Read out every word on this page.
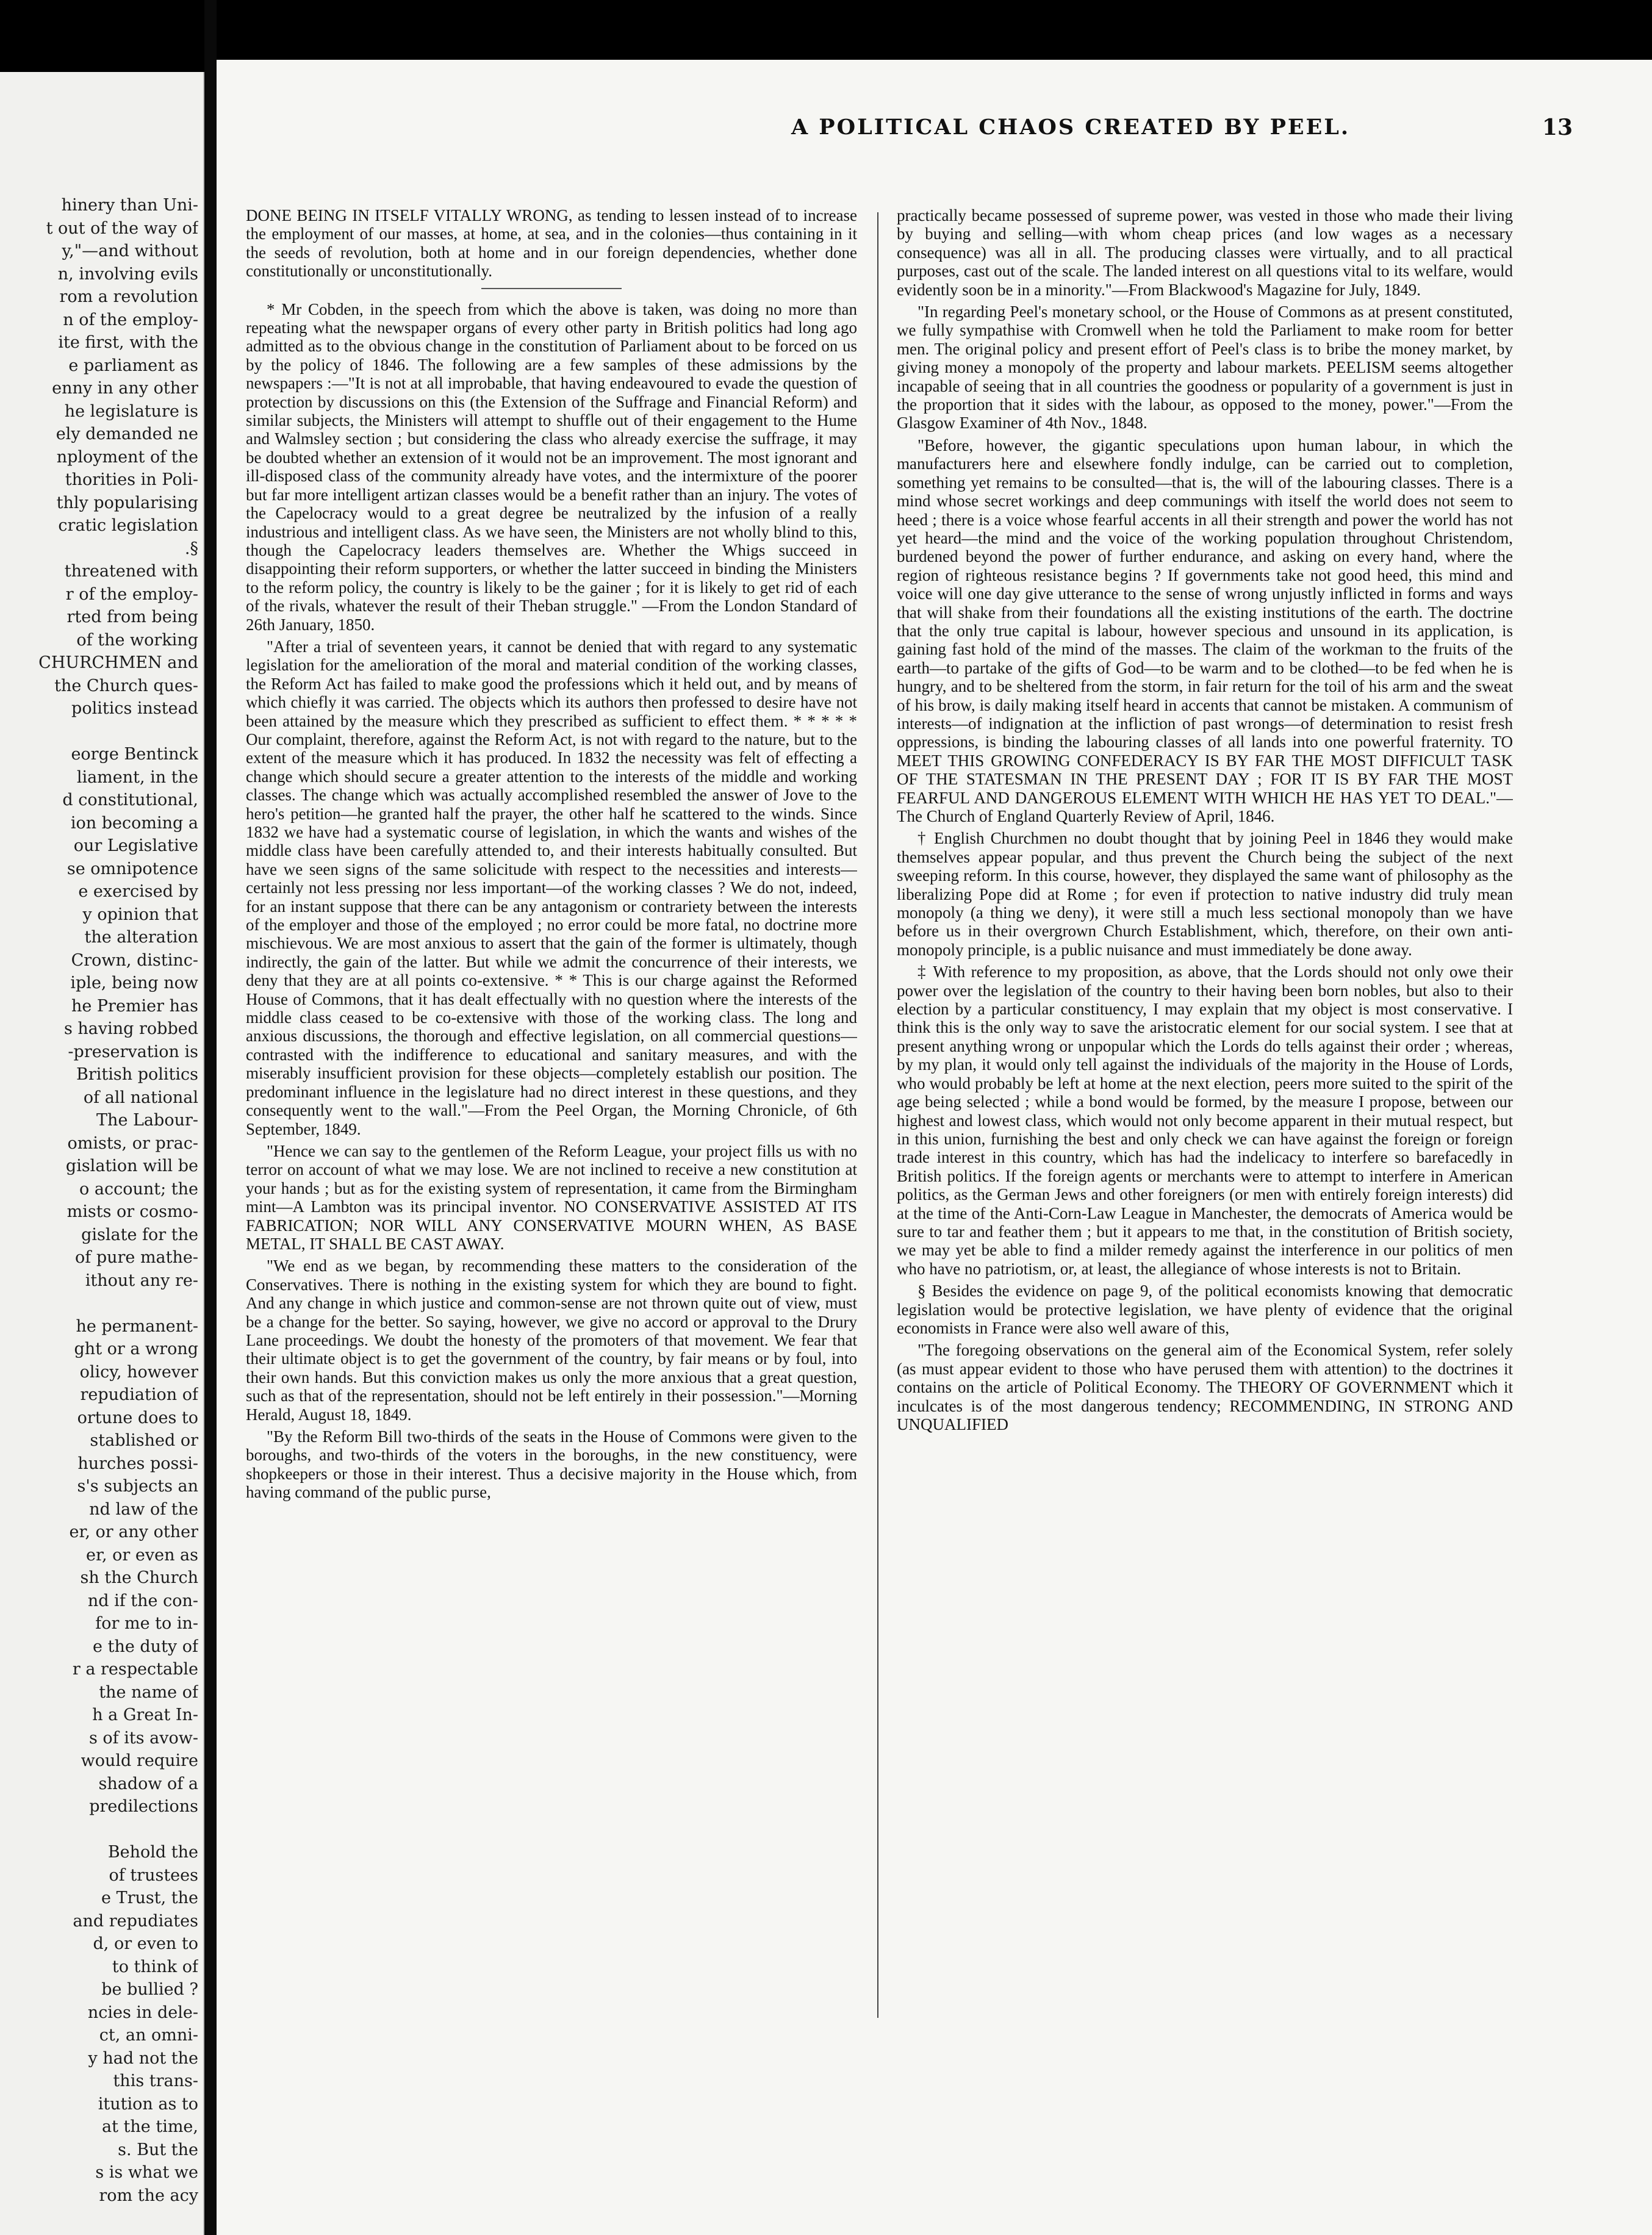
hinery than Uni-
t out of the way of
y,"—and without
n, involving evils
rom a revolution
n of the employ-
ite first, with the
e parliament as
enny in any other
he legislature is
ely demanded ne
nployment of the
thorities in Poli-
thly popularising
cratic legislation
.§
threatened with
r of the employ-
rted from being
of the working
CHURCHMEN and
the Church ques-
politics instead
eorge Bentinck
liament, in the
d constitutional,
ion becoming a
our Legislative
se omnipotence
e exercised by
y opinion that
the alteration
Crown, distinc-
iple, being now
he Premier has
s having robbed
-preservation is
British politics
of all national
The Labour-
omists, or prac-
gislation will be
o account; the
mists or cosmo-
gislate for the
of pure mathe-
ithout any re-
he permanent-
ght or a wrong
olicy, however
repudiation of
ortune does to
stablished or
hurches possi-
s's subjects an
nd law of the
er, or any other
er, or even as
sh the Church
nd if the con-
for me to in-
e the duty of
r a respectable
the name of
h a Great In-
s of its avow-
would require
shadow of a
predilections
Behold the
of trustees
e Trust, the
and repudiates
d, or even to
to think of
be bullied ?
ncies in dele-
ct, an omni-
y had not the
this trans-
itution as to
at the time,
s. But the
s is what we
rom the acy
A POLITICAL CHAOS CREATED BY PEEL.	13

DONE BEING IN ITSELF VITALLY WRONG, as tending to lessen instead of to increase the employment of our masses, at home, at sea, and in the colonies—thus containing in it the seeds of revolution, both at home and in our foreign dependencies, whether done constitutionally or unconstitutionally.

* Mr Cobden, in the speech from which the above is taken, was doing no more than repeating what the newspaper organs of every other party in British politics had long ago admitted as to the obvious change in the constitution of Parliament about to be forced on us by the policy of 1846. The following are a few samples of these admissions by the newspapers :—"It is not at all improbable, that having endeavoured to evade the question of protection by discussions on this (the Extension of the Suffrage and Financial Reform) and similar subjects, the Ministers will attempt to shuffle out of their engagement to the Hume and Walmsley section ; but considering the class who already exercise the suffrage, it may be doubted whether an extension of it would not be an improvement. The most ignorant and ill-disposed class of the community already have votes, and the intermixture of the poorer but far more intelligent artizan classes would be a benefit rather than an injury. The votes of the Capelocracy would to a great degree be neutralized by the infusion of a really industrious and intelligent class. As we have seen, the Ministers are not wholly blind to this, though the Capelocracy leaders themselves are. Whether the Whigs succeed in disappointing their reform supporters, or whether the latter succeed in binding the Ministers to the reform policy, the country is likely to be the gainer ; for it is likely to get rid of each of the rivals, whatever the result of their Theban struggle." —From the London Standard of 26th January, 1850.

"After a trial of seventeen years, it cannot be denied that with regard to any systematic legislation for the amelioration of the moral and material condition of the working classes, the Reform Act has failed to make good the professions which it held out, and by means of which chiefly it was carried. The objects which its authors then professed to desire have not been attained by the measure which they prescribed as sufficient to effect them. * * * * * Our complaint, therefore, against the Reform Act, is not with regard to the nature, but to the extent of the measure which it has produced. In 1832 the necessity was felt of effecting a change which should secure a greater attention to the interests of the middle and working classes. The change which was actually accomplished resembled the answer of Jove to the hero's petition—he granted half the prayer, the other half he scattered to the winds. Since 1832 we have had a systematic course of legislation, in which the wants and wishes of the middle class have been carefully attended to, and their interests habitually consulted. But have we seen signs of the same solicitude with respect to the necessities and interests—certainly not less pressing nor less important—of the working classes ? We do not, indeed, for an instant suppose that there can be any antagonism or contrariety between the interests of the employer and those of the employed ; no error could be more fatal, no doctrine more mischievous. We are most anxious to assert that the gain of the former is ultimately, though indirectly, the gain of the latter. But while we admit the concurrence of their interests, we deny that they are at all points co-extensive. * * This is our charge against the Reformed House of Commons, that it has dealt effectually with no question where the interests of the middle class ceased to be co-extensive with those of the working class. The long and anxious discussions, the thorough and effective legislation, on all commercial questions—contrasted with the indifference to educational and sanitary measures, and with the miserably insufficient provision for these objects—completely establish our position. The predominant influence in the legislature had no direct interest in these questions, and they consequently went to the wall."—From the Peel Organ, the Morning Chronicle, of 6th September, 1849.

"Hence we can say to the gentlemen of the Reform League, your project fills us with no terror on account of what we may lose. We are not inclined to receive a new constitution at your hands ; but as for the existing system of representation, it came from the Birmingham mint—A Lambton was its principal inventor. NO CONSERVATIVE ASSISTED AT ITS FABRICATION; NOR WILL ANY CONSERVATIVE MOURN WHEN, AS BASE METAL, IT SHALL BE CAST AWAY.

"We end as we began, by recommending these matters to the consideration of the Conservatives. There is nothing in the existing system for which they are bound to fight. And any change in which justice and common-sense are not thrown quite out of view, must be a change for the better. So saying, however, we give no accord or approval to the Drury Lane proceedings. We doubt the honesty of the promoters of that movement. We fear that their ultimate object is to get the government of the country, by fair means or by foul, into their own hands. But this conviction makes us only the more anxious that a great question, such as that of the representation, should not be left entirely in their possession."—Morning Herald, August 18, 1849.

"By the Reform Bill two-thirds of the seats in the House of Commons were given to the boroughs, and two-thirds of the voters in the boroughs, in the new constituency, were shopkeepers or those in their interest. Thus a decisive majority in the House which, from having command of the public purse,

practically became possessed of supreme power, was vested in those who made their living by buying and selling—with whom cheap prices (and low wages as a necessary consequence) was all in all. The producing classes were virtually, and to all practical purposes, cast out of the scale. The landed interest on all questions vital to its welfare, would evidently soon be in a minority."—From Blackwood's Magazine for July, 1849.

"In regarding Peel's monetary school, or the House of Commons as at present constituted, we fully sympathise with Cromwell when he told the Parliament to make room for better men. The original policy and present effort of Peel's class is to bribe the money market, by giving money a monopoly of the property and labour markets. PEELISM seems altogether incapable of seeing that in all countries the goodness or popularity of a government is just in the proportion that it sides with the labour, as opposed to the money, power."—From the Glasgow Examiner of 4th Nov., 1848.

"Before, however, the gigantic speculations upon human labour, in which the manufacturers here and elsewhere fondly indulge, can be carried out to completion, something yet remains to be consulted—that is, the will of the labouring classes. There is a mind whose secret workings and deep communings with itself the world does not seem to heed ; there is a voice whose fearful accents in all their strength and power the world has not yet heard—the mind and the voice of the working population throughout Christendom, burdened beyond the power of further endurance, and asking on every hand, where the region of righteous resistance begins ? If governments take not good heed, this mind and voice will one day give utterance to the sense of wrong unjustly inflicted in forms and ways that will shake from their foundations all the existing institutions of the earth. The doctrine that the only true capital is labour, however specious and unsound in its application, is gaining fast hold of the mind of the masses. The claim of the workman to the fruits of the earth—to partake of the gifts of God—to be warm and to be clothed—to be fed when he is hungry, and to be sheltered from the storm, in fair return for the toil of his arm and the sweat of his brow, is daily making itself heard in accents that cannot be mistaken. A communism of interests—of indignation at the infliction of past wrongs—of determination to resist fresh oppressions, is binding the labouring classes of all lands into one powerful fraternity. TO MEET THIS GROWING CONFEDERACY IS BY FAR THE MOST DIFFICULT TASK OF THE STATESMAN IN THE PRESENT DAY ; FOR IT IS BY FAR THE MOST FEARFUL AND DANGEROUS ELEMENT WITH WHICH HE HAS YET TO DEAL."—The Church of England Quarterly Review of April, 1846.

† English Churchmen no doubt thought that by joining Peel in 1846 they would make themselves appear popular, and thus prevent the Church being the subject of the next sweeping reform. In this course, however, they displayed the same want of philosophy as the liberalizing Pope did at Rome ; for even if protection to native industry did truly mean monopoly (a thing we deny), it were still a much less sectional monopoly than we have before us in their overgrown Church Establishment, which, therefore, on their own anti-monopoly principle, is a public nuisance and must immediately be done away.

‡ With reference to my proposition, as above, that the Lords should not only owe their power over the legislation of the country to their having been born nobles, but also to their election by a particular constituency, I may explain that my object is most conservative. I think this is the only way to save the aristocratic element for our social system. I see that at present anything wrong or unpopular which the Lords do tells against their order ; whereas, by my plan, it would only tell against the individuals of the majority in the House of Lords, who would probably be left at home at the next election, peers more suited to the spirit of the age being selected ; while a bond would be formed, by the measure I propose, between our highest and lowest class, which would not only become apparent in their mutual respect, but in this union, furnishing the best and only check we can have against the foreign or foreign trade interest in this country, which has had the indelicacy to interfere so barefacedly in British politics. If the foreign agents or merchants were to attempt to interfere in American politics, as the German Jews and other foreigners (or men with entirely foreign interests) did at the time of the Anti-Corn-Law League in Manchester, the democrats of America would be sure to tar and feather them ; but it appears to me that, in the constitution of British society, we may yet be able to find a milder remedy against the interference in our politics of men who have no patriotism, or, at least, the allegiance of whose interests is not to Britain.

§ Besides the evidence on page 9, of the political economists knowing that democratic legislation would be protective legislation, we have plenty of evidence that the original economists in France were also well aware of this,

"The foregoing observations on the general aim of the Economical System, refer solely (as must appear evident to those who have perused them with attention) to the doctrines it contains on the article of Political Economy. The THEORY OF GOVERNMENT which it inculcates is of the most dangerous tendency; RECOMMENDING, IN STRONG AND UNQUALIFIED
